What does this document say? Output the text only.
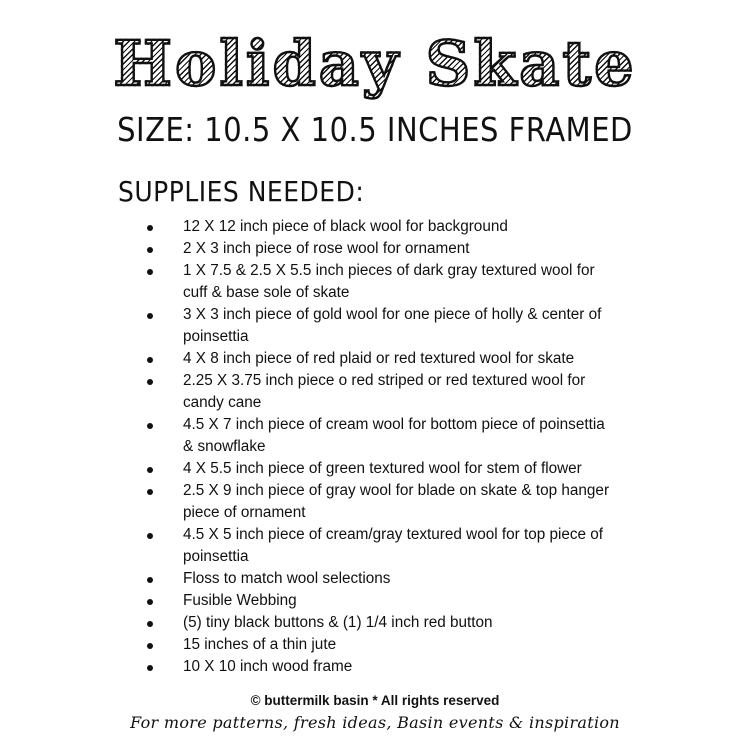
Holiday Skate
SIZE: 10.5 X 10.5 INCHES FRAMED
SUPPLIES NEEDED:
12 X 12 inch piece of black wool for background
2 X 3 inch piece of rose wool for ornament
1 X 7.5 & 2.5 X 5.5 inch pieces of dark gray textured wool for
cuff & base sole of skate
3 X 3 inch piece of gold wool for one piece of holly & center of
poinsettia
4 X 8 inch piece of red plaid or red textured wool for skate
2.25 X 3.75 inch piece o red striped or red textured wool for
candy cane
4.5 X 7 inch piece of cream wool for bottom piece of poinsettia
& snowflake
4 X 5.5 inch piece of green textured wool for stem of flower
2.5 X 9 inch piece of gray wool for blade on skate & top hanger
piece of ornament
4.5 X 5 inch piece of cream/gray textured wool for top piece of
poinsettia
Floss to match wool selections
Fusible Webbing
(5) tiny black buttons & (1) 1/4 inch red button
15 inches of a thin jute
10 X 10 inch wood frame
© buttermilk basin * All rights reserved
For more patterns, fresh ideas, Basin events & inspiration
